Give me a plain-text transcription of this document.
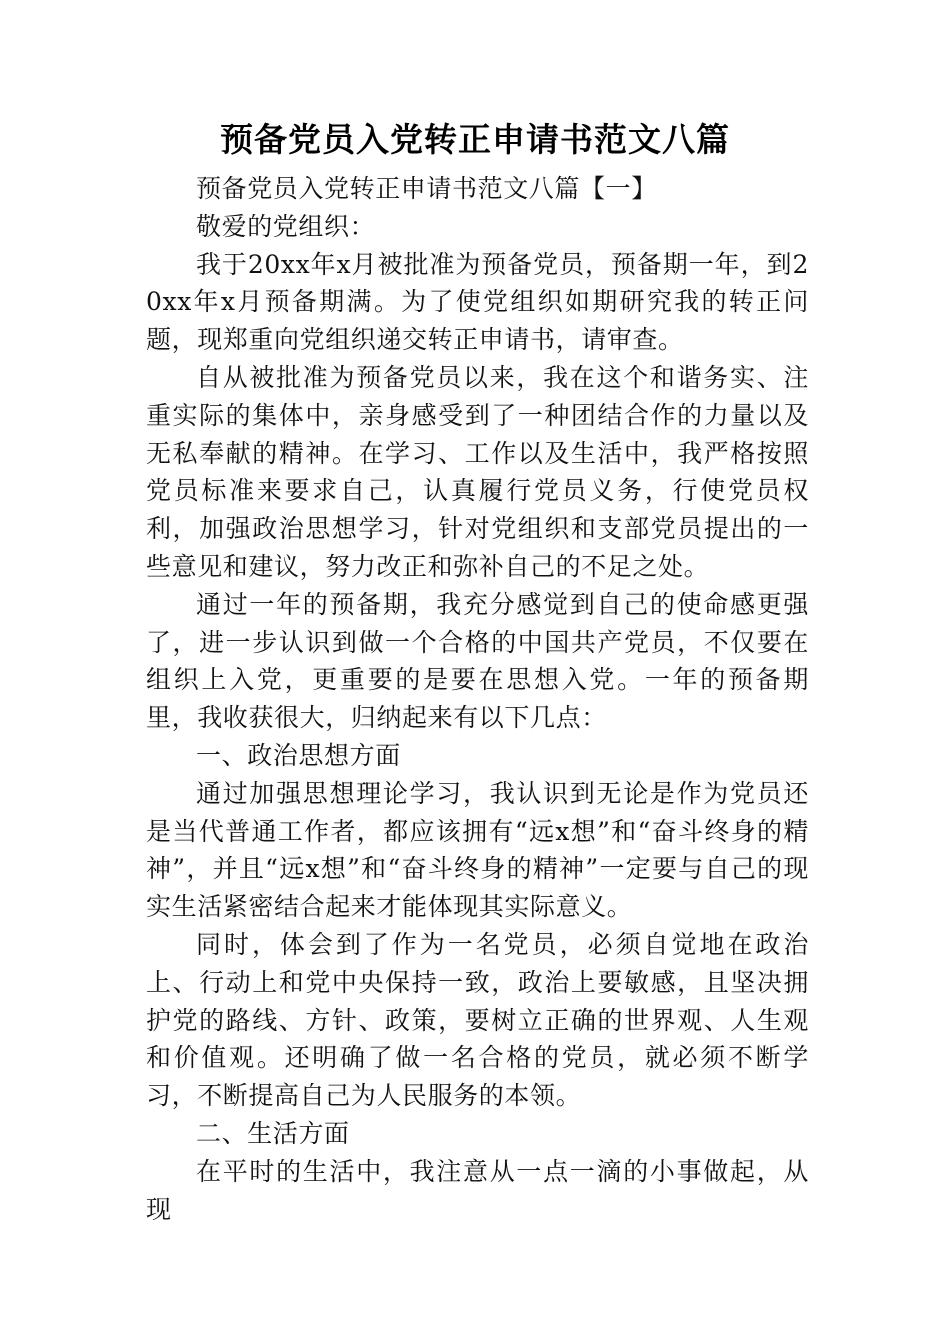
预备党员入党转正申请书范文八篇

预备党员入党转正申请书范文八篇【一】

敬爱的党组织：

我于20xx年x月被批准为预备党员，预备期一年，到20xx年x月预备期满。为了使党组织如期研究我的转正问题，现郑重向党组织递交转正申请书，请审查。

自从被批准为预备党员以来，我在这个和谐务实、注重实际的集体中，亲身感受到了一种团结合作的力量以及无私奉献的精神。在学习、工作以及生活中，我严格按照党员标准来要求自己，认真履行党员义务，行使党员权利，加强政治思想学习，针对党组织和支部党员提出的一些意见和建议，努力改正和弥补自己的不足之处。

通过一年的预备期，我充分感觉到自己的使命感更强了，进一步认识到做一个合格的中国共产党员，不仅要在组织上入党，更重要的是要在思想入党。一年的预备期里，我收获很大，归纳起来有以下几点：

一、政治思想方面

通过加强思想理论学习，我认识到无论是作为党员还是当代普通工作者，都应该拥有“远x想”和“奋斗终身的精神”，并且“远x想”和“奋斗终身的精神”一定要与自己的现实生活紧密结合起来才能体现其实际意义。

同时，体会到了作为一名党员，必须自觉地在政治上、行动上和党中央保持一致，政治上要敏感，且坚决拥护党的路线、方针、政策，要树立正确的世界观、人生观和价值观。还明确了做一名合格的党员，就必须不断学习，不断提高自己为人民服务的本领。

二、生活方面

在平时的生活中，我注意从一点一滴的小事做起，从现
